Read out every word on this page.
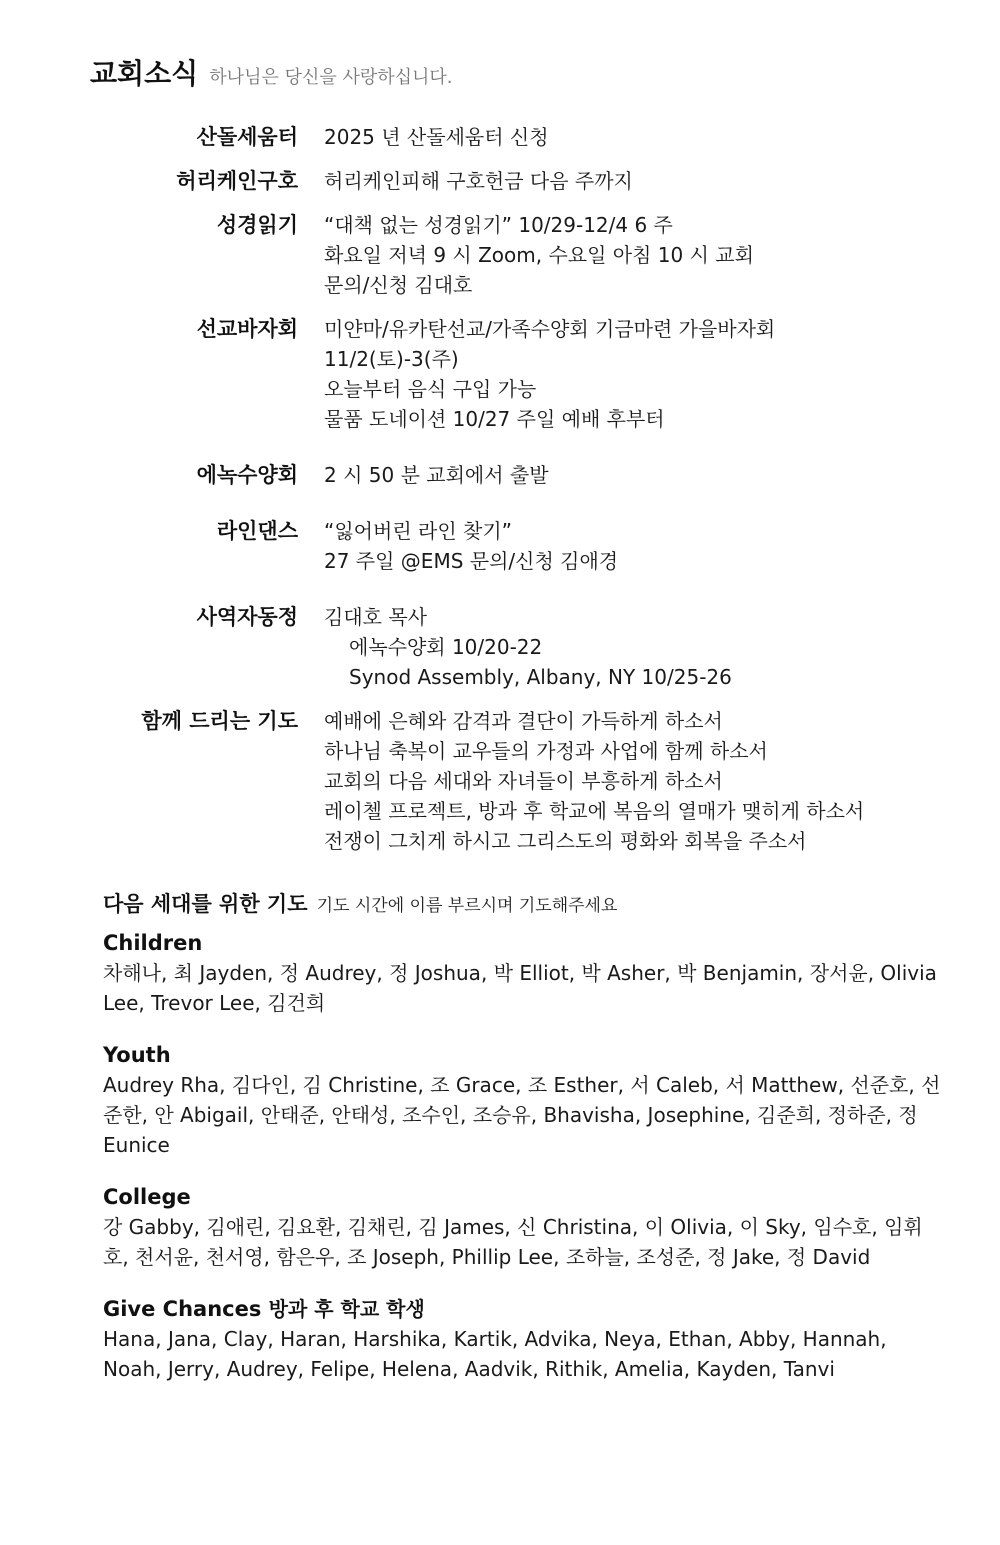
교회소식 하나님은 당신을 사랑하십니다.
산돌세움터 2025 년 산돌세움터 신청
허리케인구호 허리케인피해 구호헌금 다음 주까지
성경읽기 “대책 없는 성경읽기” 10/29-12/4 6 주
화요일 저녁 9 시 Zoom, 수요일 아침 10 시 교회
문의/신청 김대호
선교바자회 미얀마/유카탄선교/가족수양회 기금마련 가을바자회
11/2(토)-3(주)
오늘부터 음식 구입 가능
물품 도네이션 10/27 주일 예배 후부터
에녹수양회 2 시 50 분 교회에서 출발
라인댄스 “잃어버린 라인 찾기”
27 주일 @EMS 문의/신청 김애경
사역자동정 김대호 목사
에녹수양회 10/20-22
Synod Assembly, Albany, NY 10/25-26
함께 드리는 기도 예배에 은혜와 감격과 결단이 가득하게 하소서
하나님 축복이 교우들의 가정과 사업에 함께 하소서
교회의 다음 세대와 자녀들이 부흥하게 하소서
레이첼 프로젝트, 방과 후 학교에 복음의 열매가 맺히게 하소서
전쟁이 그치게 하시고 그리스도의 평화와 회복을 주소서
다음 세대를 위한 기도 기도 시간에 이름 부르시며 기도해주세요
Children
차해나, 최 Jayden, 정 Audrey, 정 Joshua, 박 Elliot, 박 Asher, 박 Benjamin, 장서윤, Olivia Lee, Trevor Lee, 김건희
Youth
Audrey Rha, 김다인, 김 Christine, 조 Grace, 조 Esther, 서 Caleb, 서 Matthew, 선준호, 선준한, 안 Abigail, 안태준, 안태성, 조수인, 조승유, Bhavisha, Josephine, 김준희, 정하준, 정 Eunice
College
강 Gabby, 김애린, 김요환, 김채린, 김 James, 신 Christina, 이 Olivia, 이 Sky, 임수호, 임휘호, 천서윤, 천서영, 함은우, 조 Joseph, Phillip Lee, 조하늘, 조성준, 정 Jake, 정 David
Give Chances 방과 후 학교 학생
Hana, Jana, Clay, Haran, Harshika, Kartik, Advika, Neya, Ethan, Abby, Hannah, Noah, Jerry, Audrey, Felipe, Helena, Aadvik, Rithik, Amelia, Kayden, Tanvi
